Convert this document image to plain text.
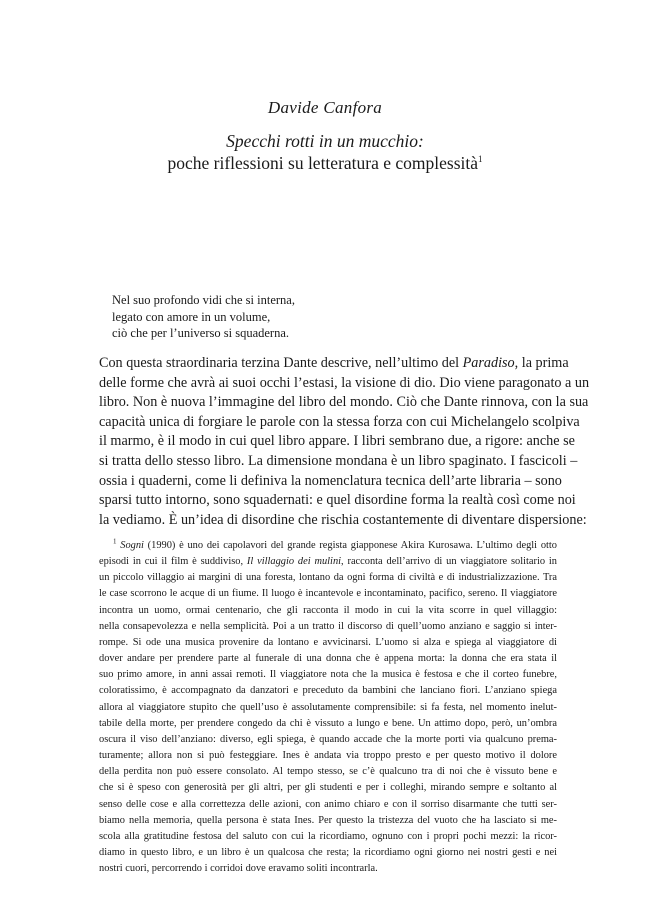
Davide Canfora
Specchi rotti in un mucchio:
poche riflessioni su letteratura e complessità$^1$
Nel suo profondo vidi che si interna,
legato con amore in un volume,
ciò che per l’universo si squaderna.
Con questa straordinaria terzina Dante descrive, nell’ultimo del Paradiso, la prima
delle forme che avrà ai suoi occhi l’estasi, la visione di dio. Dio viene paragonato a un
libro. Non è nuova l’immagine del libro del mondo. Ciò che Dante rinnova, con la sua
capacità unica di forgiare le parole con la stessa forza con cui Michelangelo scolpiva
il marmo, è il modo in cui quel libro appare. I libri sembrano due, a rigore: anche se
si tratta dello stesso libro. La dimensione mondana è un libro spaginato. I fascicoli –
ossia i quaderni, come li definiva la nomenclatura tecnica dell’arte libraria – sono
sparsi tutto intorno, sono squadernati: e quel disordine forma la realtà così come noi
la vediamo. È un’idea di disordine che rischia costantemente di diventare dispersione:
$^1$ Sogni (1990) è uno dei capolavori del grande regista giapponese Akira Kurosawa. L’ultimo degli otto
episodi in cui il film è suddiviso, Il villaggio dei mulini, racconta dell’arrivo di un viaggiatore solitario in
un piccolo villaggio ai margini di una foresta, lontano da ogni forma di civiltà e di industrializzazione. Tra
le case scorrono le acque di un fiume. Il luogo è incantevole e incontaminato, pacifico, sereno. Il viaggiatore
incontra un uomo, ormai centenario, che gli racconta il modo in cui la vita scorre in quel villaggio:
nella consapevolezza e nella semplicità. Poi a un tratto il discorso di quell’uomo anziano e saggio si inter-
rompe. Si ode una musica provenire da lontano e avvicinarsi. L’uomo si alza e spiega al viaggiatore di
dover andare per prendere parte al funerale di una donna che è appena morta: la donna che era stata il
suo primo amore, in anni assai remoti. Il viaggiatore nota che la musica è festosa e che il corteo funebre,
coloratissimo, è accompagnato da danzatori e preceduto da bambini che lanciano fiori. L’anziano spiega
allora al viaggiatore stupito che quell’uso è assolutamente comprensibile: si fa festa, nel momento inelut-
tabile della morte, per prendere congedo da chi è vissuto a lungo e bene. Un attimo dopo, però, un’ombra
oscura il viso dell’anziano: diverso, egli spiega, è quando accade che la morte porti via qualcuno prema-
turamente; allora non si può festeggiare. Ines è andata via troppo presto e per questo motivo il dolore
della perdita non può essere consolato. Al tempo stesso, se c’è qualcuno tra di noi che è vissuto bene e
che si è speso con generosità per gli altri, per gli studenti e per i colleghi, mirando sempre e soltanto al
senso delle cose e alla correttezza delle azioni, con animo chiaro e con il sorriso disarmante che tutti ser-
biamo nella memoria, quella persona è stata Ines. Per questo la tristezza del vuoto che ha lasciato si me-
scola alla gratitudine festosa del saluto con cui la ricordiamo, ognuno con i propri pochi mezzi: la ricor-
diamo in questo libro, e un libro è un qualcosa che resta; la ricordiamo ogni giorno nei nostri gesti e nei
nostri cuori, percorrendo i corridoi dove eravamo soliti incontrarla.
